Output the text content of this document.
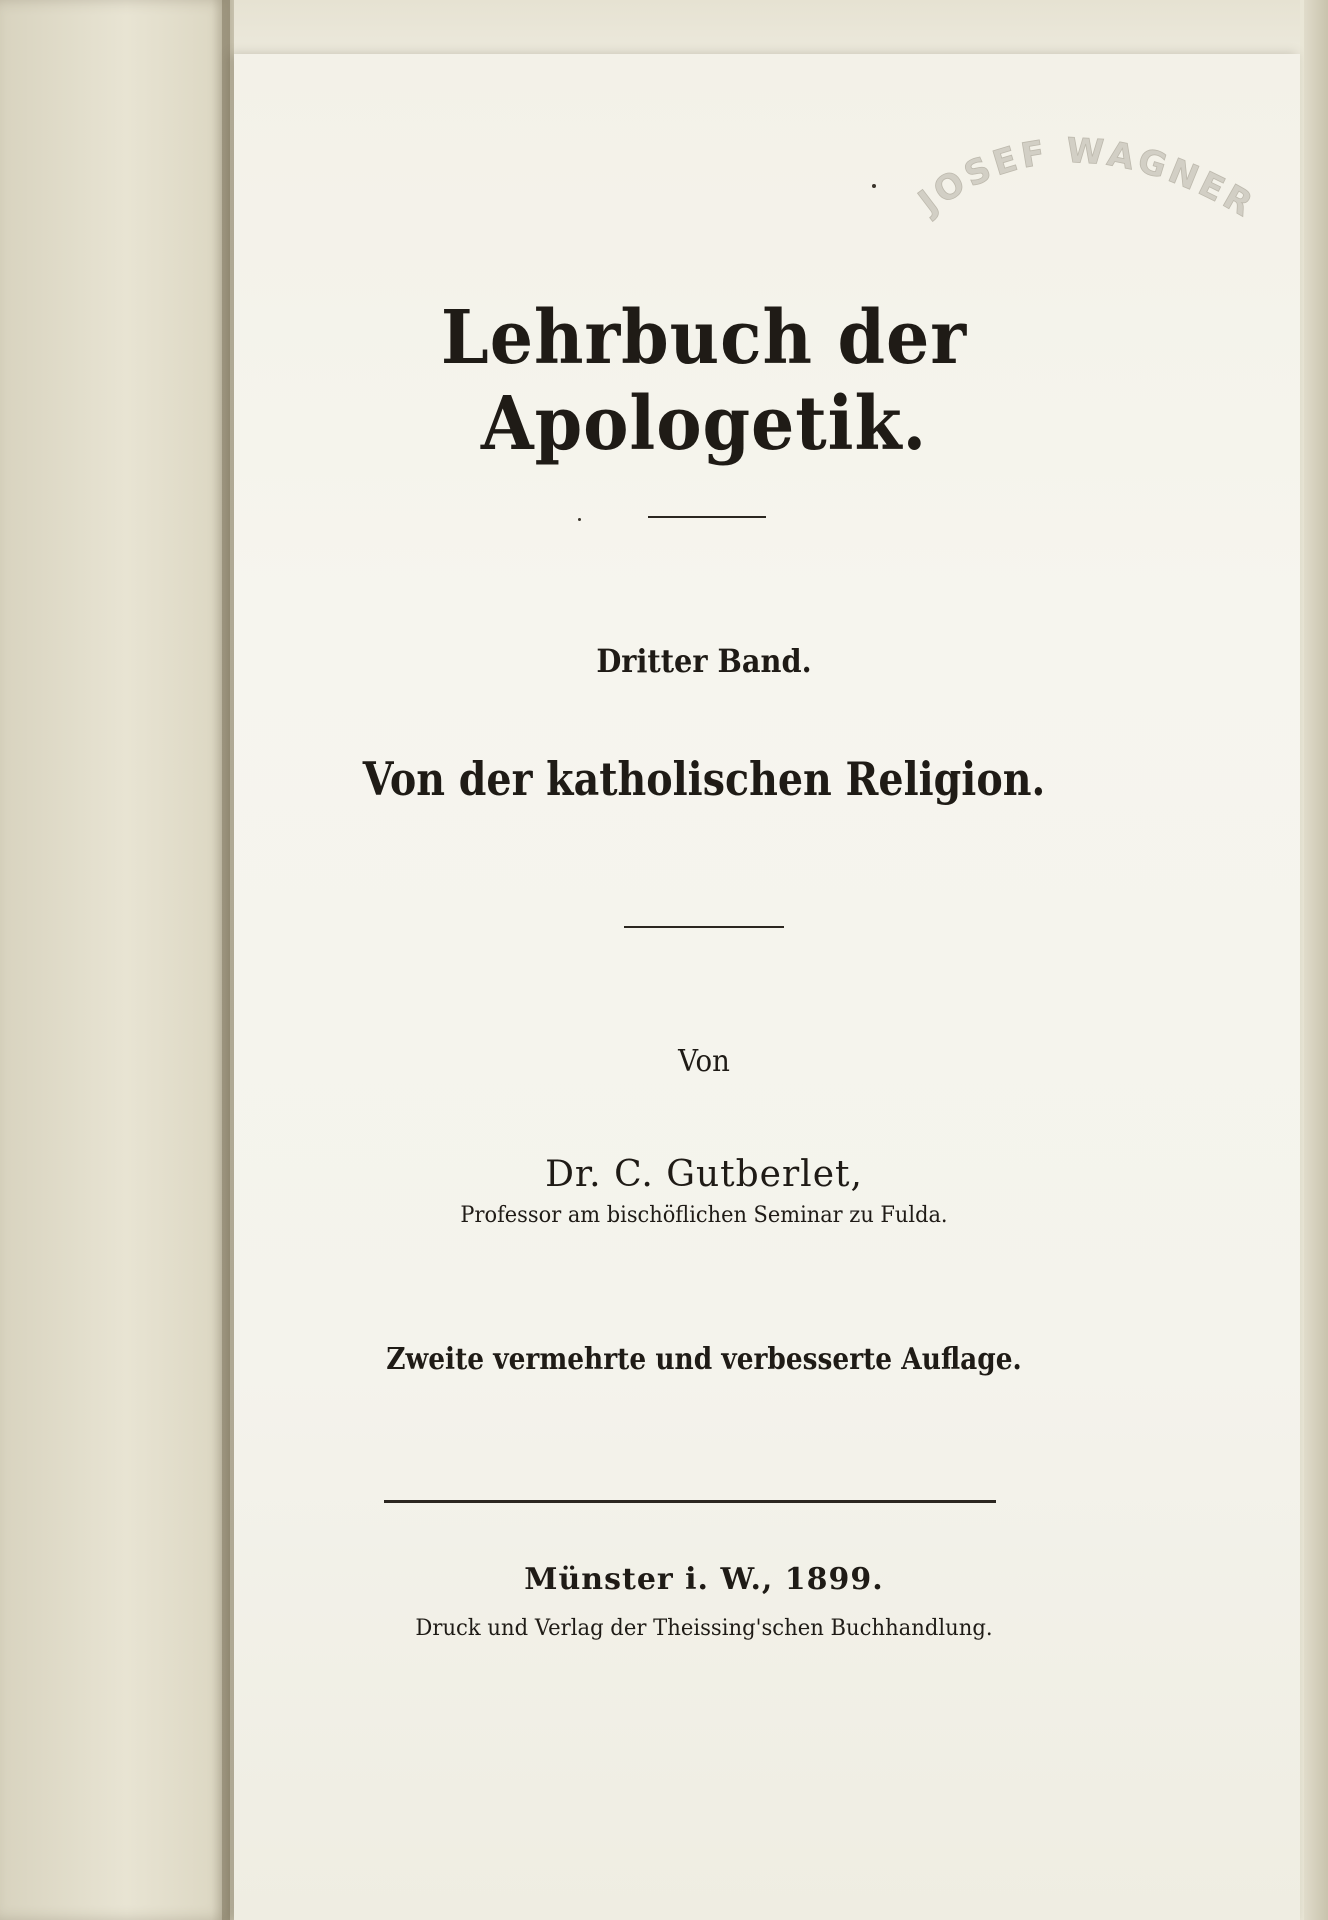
JOSEF WAGNER
Lehrbuch der Apologetik.
Dritter Band.
Von der katholischen Religion.
Von
Dr. C. Gutberlet,
Professor am bischöflichen Seminar zu Fulda.
Zweite vermehrte und verbesserte Auflage.
Münster i. W., 1899.
Druck und Verlag der Theissing'schen Buchhandlung.
